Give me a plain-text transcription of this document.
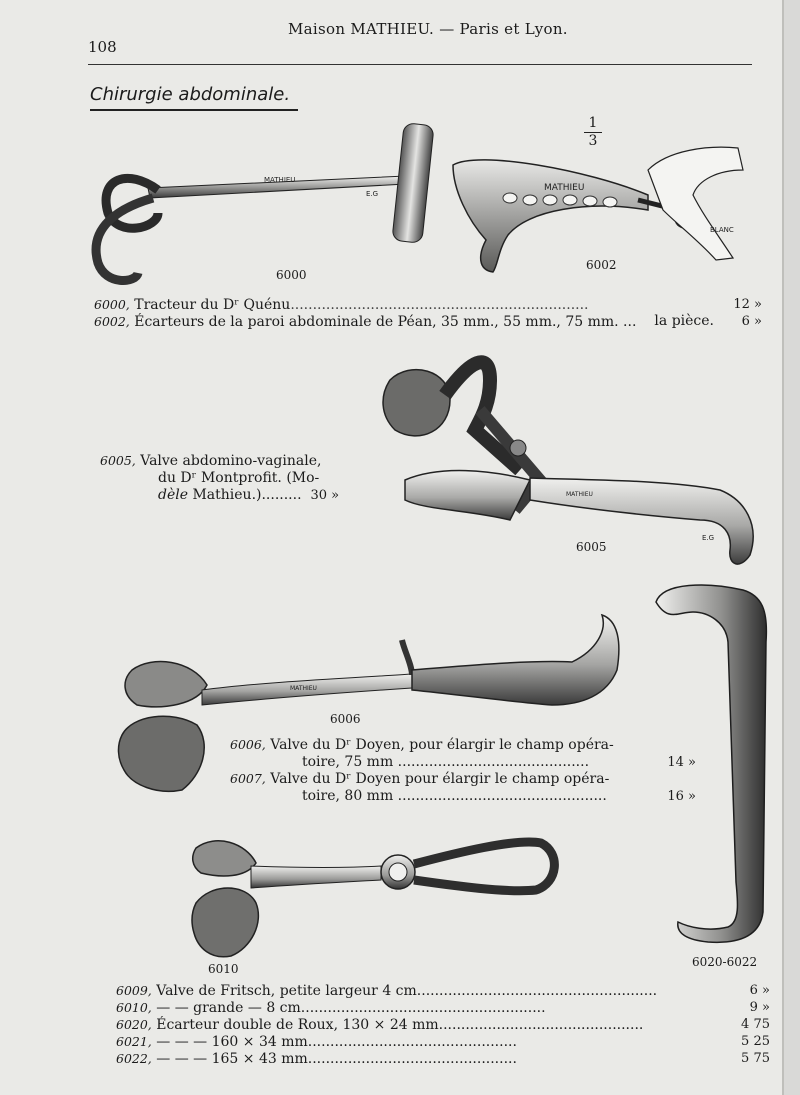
108
Maison MATHIEU. — Paris et Lyon.
Chirurgie abdominale.
MATHIEU
E.G
6000
1
3
MATHIEU
BLANC
6002
6000, Tracteur du Dʳ Quénu...................................................................	12 »
6002, Écarteurs de la paroi abdominale de Péan, 35 mm., 55 mm., 75 mm. ... la pièce. 6 »
MATHIEU
E.G
6005
6005, Valve abdomino-vaginale,
du Dʳ Montprofit. (Mo-
dèle Mathieu.)......... 30 »
6020-6022
MATHIEU
6006
6006, Valve du Dʳ Doyen, pour élargir le champ opéra-
toire, 75 mm ...........................................	14 »
6007, Valve du Dʳ Doyen pour élargir le champ opéra-
toire, 80 mm ...............................................	16 »
6010
6009, Valve de Fritsch, petite largeur 4 cm......................................................	6 »
6010, — — grande — 8 cm.......................................................	9 »
6020, Écarteur double de Roux, 130 × 24 mm..............................................	4 75
6021, — — — 160 × 34 mm...............................................	5 25
6022, — — — 165 × 43 mm...............................................	5 75
